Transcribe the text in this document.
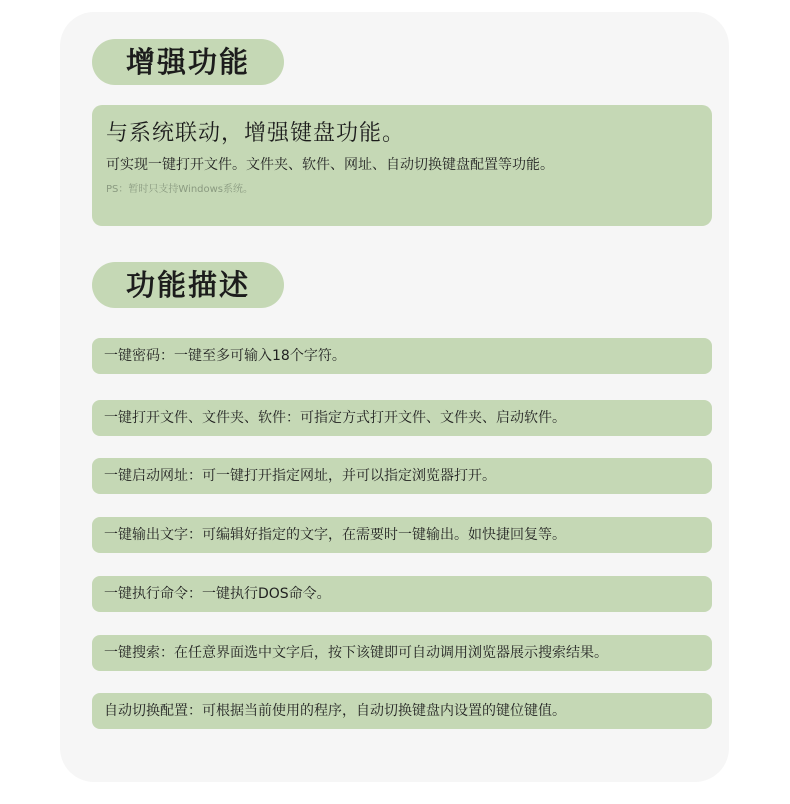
增强功能
与系统联动，增强键盘功能。
可实现一键打开文件。文件夹、软件、网址、自动切换键盘配置等功能。
PS：暂时只支持Windows系统。
功能描述
一键密码：一键至多可输入18个字符。
一键打开文件、文件夹、软件：可指定方式打开文件、文件夹、启动软件。
一键启动网址：可一键打开指定网址，并可以指定浏览器打开。
一键输出文字：可编辑好指定的文字，在需要时一键输出。如快捷回复等。
一键执行命令：一键执行DOS命令。
一键搜索：在任意界面选中文字后，按下该键即可自动调用浏览器展示搜索结果。
自动切换配置：可根据当前使用的程序，自动切换键盘内设置的键位键值。
